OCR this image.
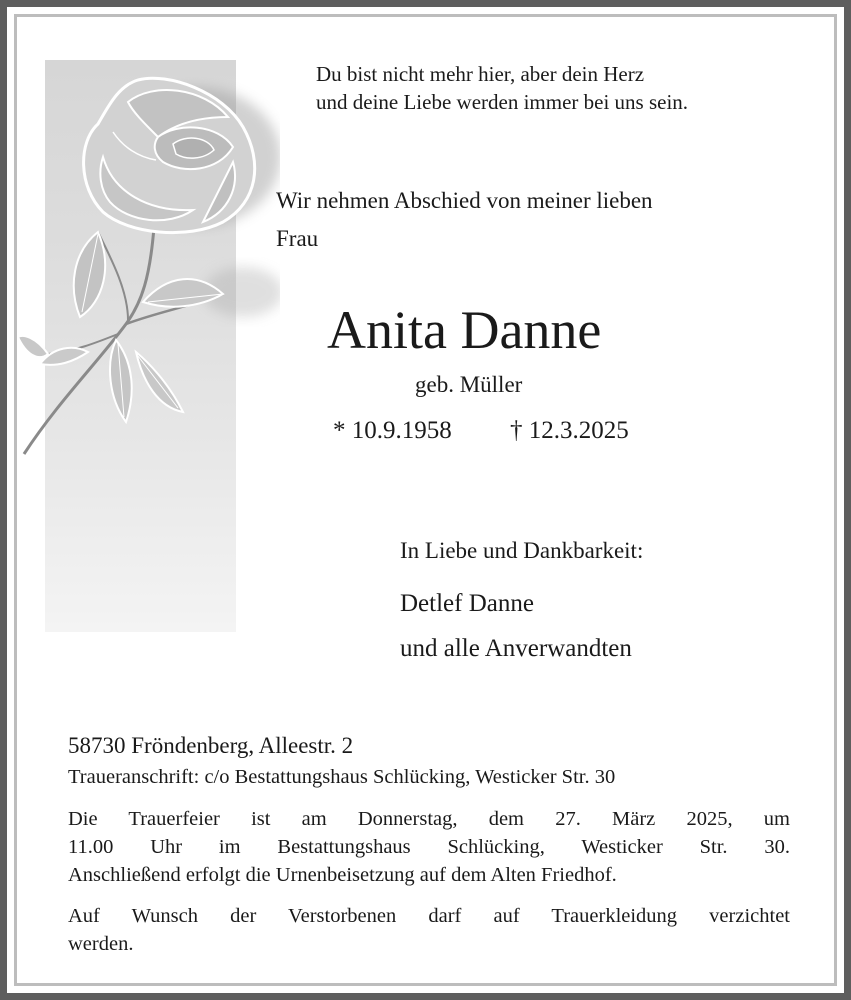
Du bist nicht mehr hier, aber dein Herz
und deine Liebe werden immer bei uns sein.
Wir nehmen Abschied von meiner lieben
Frau
Anita Danne
geb. Müller
* 10.9.1958 † 12.3.2025
In Liebe und Dankbarkeit:
Detlef Danne
und alle Anverwandten
58730 Fröndenberg, Alleestr. 2

Traueranschrift: c/o Bestattungshaus Schlücking, Westicker Str. 30

Die Trauerfeier ist am Donnerstag, dem 27. März 2025, um

11.00 Uhr im Bestattungshaus Schlücking, Westicker Str. 30.

Anschließend erfolgt die Urnenbeisetzung auf dem Alten Friedhof.

Auf Wunsch der Verstorbenen darf auf Trauerkleidung verzichtet

werden.
